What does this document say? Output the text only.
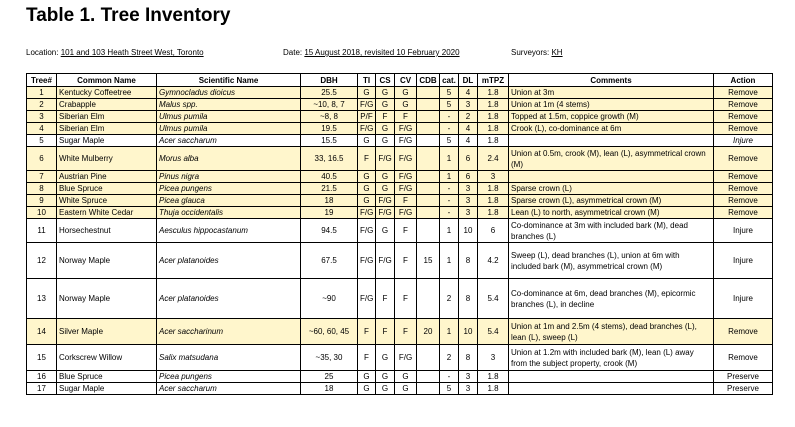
Table 1. Tree Inventory
Location: 101 and 103 Heath Street West, Toronto	Date: 15 August 2018, revisited 10 February 2020	Surveyors: KH
Tree#	Common Name	Scientific Name	DBH	TI	CS	CV	CDB	cat.	DL	mTPZ	Comments	Action
1	Kentucky Coffeetree	Gymnocladus dioicus	25.5	G	G	G		5	4	1.8	Union at 3m	Remove
2	Crabapple	Malus spp.	~10, 8, 7	F/G	G	G		5	3	1.8	Union at 1m (4 stems)	Remove
3	Siberian Elm	Ulmus pumila	~8, 8	P/F	F	F		-	2	1.8	Topped at 1.5m, coppice growth (M)	Remove
4	Siberian Elm	Ulmus pumila	19.5	F/G	G	F/G		-	4	1.8	Crook (L), co-dominance at 6m	Remove
5	Sugar Maple	Acer saccharum	15.5	G	G	F/G		5	4	1.8		Injure
6	White Mulberry	Morus alba	33, 16.5	F	F/G	F/G		1	6	2.4	Union at 0.5m, crook (M), lean (L), asymmetrical crown (M)	Remove
7	Austrian Pine	Pinus nigra	40.5	G	G	F/G		1	6	3		Remove
8	Blue Spruce	Picea pungens	21.5	G	G	F/G		-	3	1.8	Sparse crown (L)	Remove
9	White Spruce	Picea glauca	18	G	F/G	F		-	3	1.8	Sparse crown (L), asymmetrical crown (M)	Remove
10	Eastern White Cedar	Thuja occidentalis	19	F/G	F/G	F/G		-	3	1.8	Lean (L) to north, asymmetrical crown (M)	Remove
11	Horsechestnut	Aesculus hippocastanum	94.5	F/G	G	F		1	10	6	Co-dominance at 3m with included bark (M), dead branches (L)	Injure
12	Norway Maple	Acer platanoides	67.5	F/G	F/G	F	15	1	8	4.2	Sweep (L), dead branches (L), union at 6m with included bark (M), asymmetrical crown (M)	Injure
13	Norway Maple	Acer platanoides	~90	F/G	F	F		2	8	5.4	Co-dominance at 6m, dead branches (M), epicormic branches (L), in decline	Injure
14	Silver Maple	Acer saccharinum	~60, 60, 45	F	F	F	20	1	10	5.4	Union at 1m and 2.5m (4 stems), dead branches (L), lean (L), sweep (L)	Remove
15	Corkscrew Willow	Salix matsudana	~35, 30	F	G	F/G		2	8	3	Union at 1.2m with included bark (M), lean (L) away from the subject property, crook (M)	Remove
16	Blue Spruce	Picea pungens	25	G	G	G		-	3	1.8		Preserve
17	Sugar Maple	Acer saccharum	18	G	G	G		5	3	1.8		Preserve
